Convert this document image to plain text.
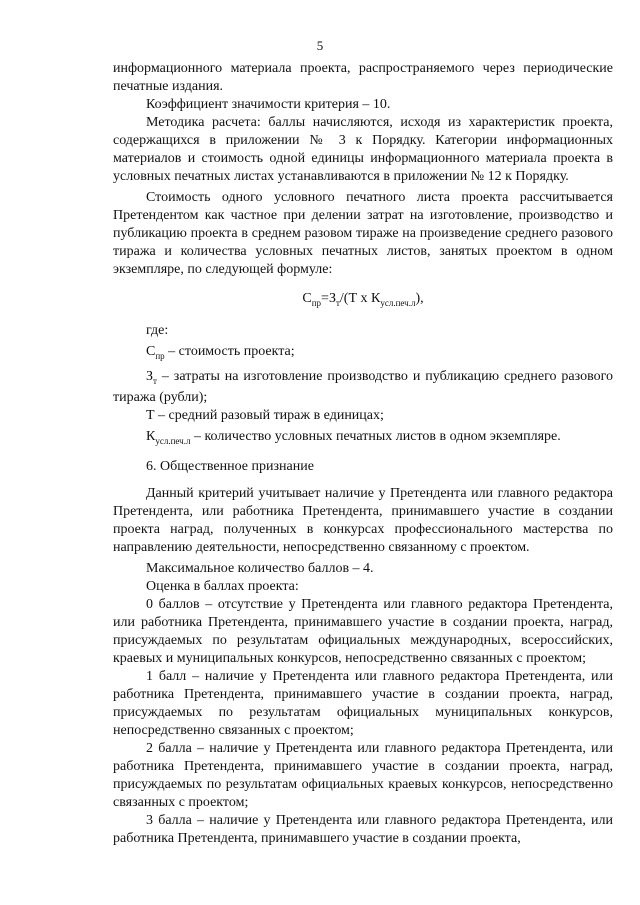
5

информационного материала проекта, распространяемого через периодические печатные издания.

Коэффициент значимости критерия – 10.

Методика расчета: баллы начисляются, исходя из характеристик проекта, содержащихся в приложении № 3 к Порядку. Категории информационных материалов и стоимость одной единицы информационного материала проекта в условных печатных листах устанавливаются в приложении № 12 к Порядку.

Стоимость одного условного печатного листа проекта рассчитывается Претендентом как частное при делении затрат на изготовление, производство и публикацию проекта в среднем разовом тираже на произведение среднего разового тиража и количества условных печатных листов, занятых проектом в одном экземпляре, по следующей формуле:

$С_{пр}=З_т/(Т$ х $К_{усл.печ.л}$),

где:

$С_{пр}$ – стоимость проекта;

$З_т$ – затраты на изготовление производство и публикацию среднего разового тиража (рубли);

Т – средний разовый тираж в единицах;

$К_{усл.печ.л}$ – количество условных печатных листов в одном экземпляре.

6. Общественное признание

Данный критерий учитывает наличие у Претендента или главного редактора Претендента, или работника Претендента, принимавшего участие в создании проекта наград, полученных в конкурсах профессионального мастерства по направлению деятельности, непосредственно связанному с проектом.

Максимальное количество баллов – 4.

Оценка в баллах проекта:

0 баллов – отсутствие у Претендента или главного редактора Претендента, или работника Претендента, принимавшего участие в создании проекта, наград, присуждаемых по результатам официальных международных, всероссийских, краевых и муниципальных конкурсов, непосредственно связанных с проектом;

1 балл – наличие у Претендента или главного редактора Претендента, или работника Претендента, принимавшего участие в создании проекта, наград, присуждаемых по результатам официальных муниципальных конкурсов, непосредственно связанных с проектом;

2 балла – наличие у Претендента или главного редактора Претендента, или работника Претендента, принимавшего участие в создании проекта, наград, присуждаемых по результатам официальных краевых конкурсов, непосредственно связанных с проектом;

3 балла – наличие у Претендента или главного редактора Претендента, или работника Претендента, принимавшего участие в создании проекта,
